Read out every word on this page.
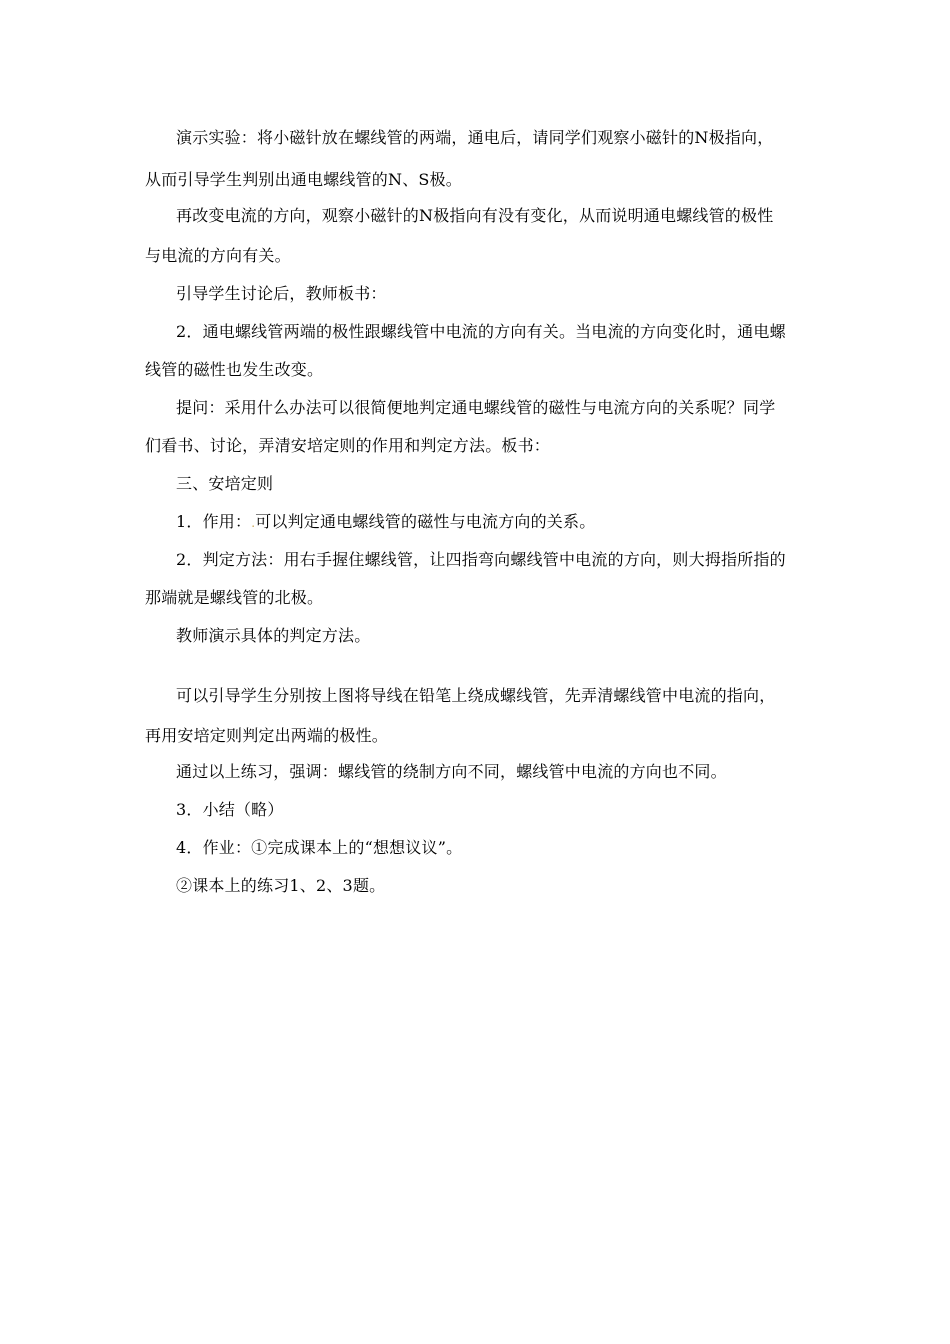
演示实验：将小磁针放在螺线管的两端，通电后，请同学们观察小磁针的N极指向，
从而引导学生判别出通电螺线管的N、S极。
再改变电流的方向，观察小磁针的N极指向有没有变化，从而说明通电螺线管的极性
与电流的方向有关。
引导学生讨论后，教师板书：
2．通电螺线管两端的极性跟螺线管中电流的方向有关。当电流的方向变化时，通电螺
线管的磁性也发生改变。
提问：采用什么办法可以很简便地判定通电螺线管的磁性与电流方向的关系呢？同学
们看书、讨论，弄清安培定则的作用和判定方法。板书：
三、安培定则
1．作用：.可以判定通电螺线管的磁性与电流方向的关系。
2．判定方法：用右手握住螺线管，让四指弯向螺线管中电流的方向，则大拇指所指的
那端就是螺线管的北极。
教师演示具体的判定方法。
可以引导学生分别按上图将导线在铅笔上绕成螺线管，先弄清螺线管中电流的指向，
再用安培定则判定出两端的极性。
通过以上练习，强调：螺线管的绕制方向不同，螺线管中电流的方向也不同。
3．小结（略）
4．作业：①完成课本上的“想想议议”。
②课本上的练习1、2、3题。
